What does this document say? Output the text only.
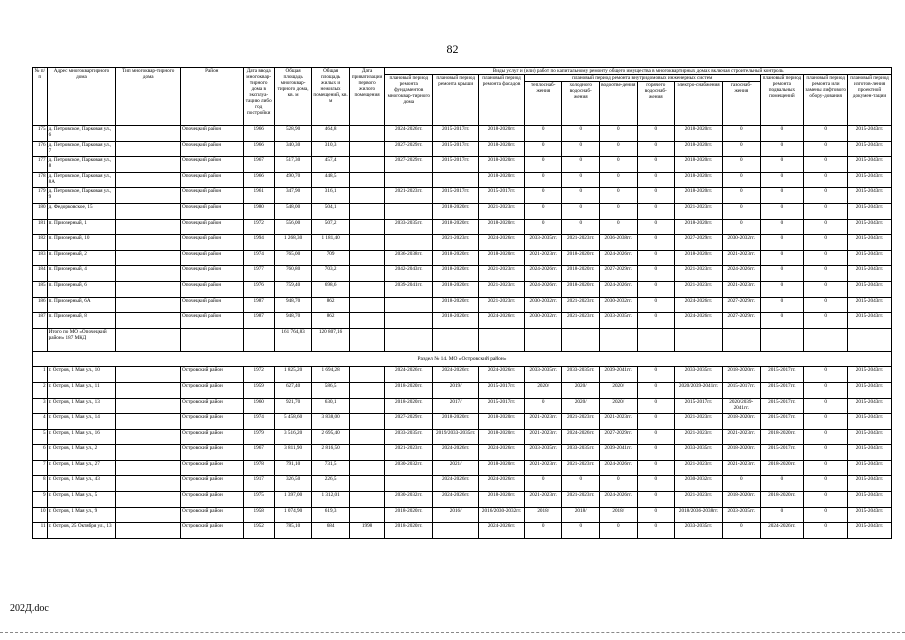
82
№ п/п	Адрес многоквартирного дома	Тип многоквар-тирного дома	Район	Дата ввода многоквар-тирного дома в эксплуа-тацию либо год постройки	Общая площадь многоквар-тирного дома, кв. м	Общая площадь жилых и нежилых помещений, кв. м	Дата приватизации первого жилого помещения	Виды услуг и (или) работ по капитальному ремонту общего имущества в многоквартирных домах включая строительный контроль											
								плановый период ремонта фундаментов многоквар-тирного дома	плановый период ремонта крыши	плановый период ремонта фасадов	плановый период ремонта внутридомовых инженерных систем						плановый период ремонта подвальных помещений	плановый период ремонта или замены лифтового обору-дования	плановый период изготов-ления проектной докумен-тации
											теплоснаб-жения	холодного водоснаб-жения	водоотве-дения	горячего водоснаб-жения	электро-снабжения	газоснаб-жения			
175	д. Петровское, Парковая ул., 6		Опочецкий район	1966	528,90	464,8		2024-2026гг.	2015-2017гг.	2018-2020гг.	0	0	0	0	2018-2020гг.	0	0	0	2015-2043гг.
176	д. Петровское, Парковая ул., 7		Опочецкий район	1966	340,30	310,3		2027-2029гг.	2015-2017гг.	2018-2020гг.	0	0	0	0	2018-2020гг.	0	0	0	2015-2043гг.
177	д. Петровское, Парковая ул., 8		Опочецкий район	1967	517,30	457,4		2027-2029гг.	2015-2017гг.	2018-2020гг.	0	0	0	0	2018-2020гг.	0	0	0	2015-2043гг.
178	д. Петровское, Парковая ул., 8А		Опочецкий район	1966	490,70	448,5				2018-2020гг.	0	0	0	0	2018-2020гг.	0	0	0	2015-2043гг.
179	д. Петровское, Парковая ул., 9		Опочецкий район	1961	347,90	316,1		2021-2023гг.	2015-2017гг.	2015-2017гг.	0	0	0	0	2018-2020гг.	0	0	0	2015-2043гг.
180	д. Федорковское, 15		Опочецкий район	1980	548,00	504,1			2018-2020гг.	2021-2023гг.	0	0	0	0	2021-2023гг.	0	0	0	2015-2043гг.
181	п. Приозерный, 1		Опочецкий район	1972	556,00	507,2		2033-2035гг.	2018-2020гг.	2018-2020гг.	0	0	0	0	2018-2020гг.	0	0	0	2015-2043гг.
182	п. Приозерный, 10		Опочецкий район	1994	1 268,30	1 181,40			2021-2023гг.	2024-2026гг.	2033-2035гг.	2021-2023гг.	2036-2038гг.	0	2027-2029гг.	2030-2032гг.	0	0	2015-2043гг.
183	п. Приозерный, 2		Опочецкий район	1974	765,00	709		2036-2038гг.	2018-2020гг.	2018-2020гг.	2021-2023гг.	2018-2020гг.	2024-2026гг.	0	2018-2020гг.	2021-2023гг.	0	0	2015-2043гг.
184	п. Приозерный, 4		Опочецкий район	1977	760,80	703,2		2042-2043гг.	2018-2020гг.	2021-2023гг.	2024-2026гг.	2018-2020гг.	2027-2029гг.	0	2021-2023гг.	2024-2026гг.	0	0	2015-2043гг.
185	п. Приозерный, 6		Опочецкий район	1976	759,40	698,6		2039-2041гг.	2018-2020гг.	2021-2023гг.	2024-2026гг.	2018-2020гг.	2024-2026гг.	0	2021-2023гг.	2021-2023гг.	0	0	2015-2043гг.
186	п. Приозерный, 6А		Опочецкий район	1987	948,70	862			2018-2020гг.	2021-2023гг.	2030-2032гг.	2021-2023гг.	2030-2032гг.	0	2024-2026гг.	2027-2029гг.	0	0	2015-2043гг.
187	п. Приозерный, 8		Опочецкий район	1987	948,70	862			2018-2020гг.	2024-2026гг.	2030-2032гг.	2021-2023гг.	2033-2035гг.	0	2024-2026гг.	2027-2029гг.	0	0	2015-2043гг.
	Итого по МО «Опочецкий район» 187 МКД				161 764,83	120 807,16													
Раздел № 14. МО «Островский район»																			
1	г. Остров, 1 Мая ул., 10		Островский район	1972	1 825,20	1 694,28		2024-2026гг.	2024-2026гг.	2024-2026гг.	2033-2035гг.	2033-2035гг.	2039-2041гг.	0	2033-2035гг.	2018-2020гг.	2015-2017гг.	0	2015-2043гг.
2	г. Остров, 1 Мая ул., 11		Островский район	1959	627,40	586,5		2018-2020гг.	2019/	2015-2017гг.	2020/	2020/	2020/	0	2020/2039-2041гг.	2015-2017гг.	2015-2017гг.	0	2015-2043гг.
3	г. Остров, 1 Мая ул., 13		Островский район	1960	921,70	630,1		2018-2020гг.	2017/	2015-2017гг.	0	2020/	2020/	0	2015-2017гг.	2020/2039-2041гг.	2015-2017гг.	0	2015-2043гг.
4	г. Остров, 1 Мая ул., 14		Островский район	1974	5 458,60	3 838,00		2027-2029гг.	2018-2020гг.	2018-2020гг.	2021-2023гг.	2021-2023гг.	2021-2023гг.	0	2021-2023гг.	2018-2020гг.	2015-2017гг.	0	2015-2043гг.
5	г. Остров, 1 Мая ул., 16		Островский район	1979	3 516,20	2 695,40		2033-2035гг.	2019/2033-2035гг.	2018-2020гг.	2021-2023гг.	2024-2026гг.	2027-2029гг.	0	2021-2023гг.	2021-2023гг.	2018-2020гг.	0	2015-2043гг.
6	г. Остров, 1 Мая ул., 2		Островский район	1967	3 811,90	2 816,50		2021-2023гг.	2024-2026гг.	2024-2026гг.	2033-2035гг.	2033-2035гг.	2039-2041гг.	0	2033-2035гг.	2018-2020гг.	2015-2017гг.	0	2015-2043гг.
7	г. Остров, 1 Мая ул., 27		Островский район	1978	791,10	731,5		2030-2032гг.	2021/	2018-2020гг.	2021-2023гг.	2021-2023гг.	2024-2026гг.	0	2021-2023гг.	2021-2023гг.	2018-2020гг.	0	2015-2043гг.
8	г. Остров, 1 Мая ул., 43		Островский район	1917	326,50	226,5			2024-2026гг.	2024-2026гг.	0	0	0	0	2030-2032гг.	0	0	0	2015-2043гг.
9	г. Остров, 1 Мая ул., 5		Островский район	1975	1 397,00	1 312,01		2030-2032гг.	2024-2026гг.	2018-2020гг.	2021-2023гг.	2021-2023гг.	2024-2026гг.	0	2021-2023гг.	2018-2020гг.	2018-2020гг.	0	2015-2043гг.
10	г. Остров, 1 Мая ул., 9		Островский район	1958	1 074,90	619,3		2018-2020гг.	2016/	2016/2030-2032гг.	2018/	2018/	2018/	0	2018/2036-2038гг.	2033-2035гг.	0	0	2015-2043гг.
11	г. Остров, 25 Октября ул., 13		Островский район	1952	785,10	684	1998	2018-2020гг.		2024-2026гг.	0	0	0	0	2033-2035гг.	0	2024-2026гг.	0	2015-2043гг.
202Д.doc
